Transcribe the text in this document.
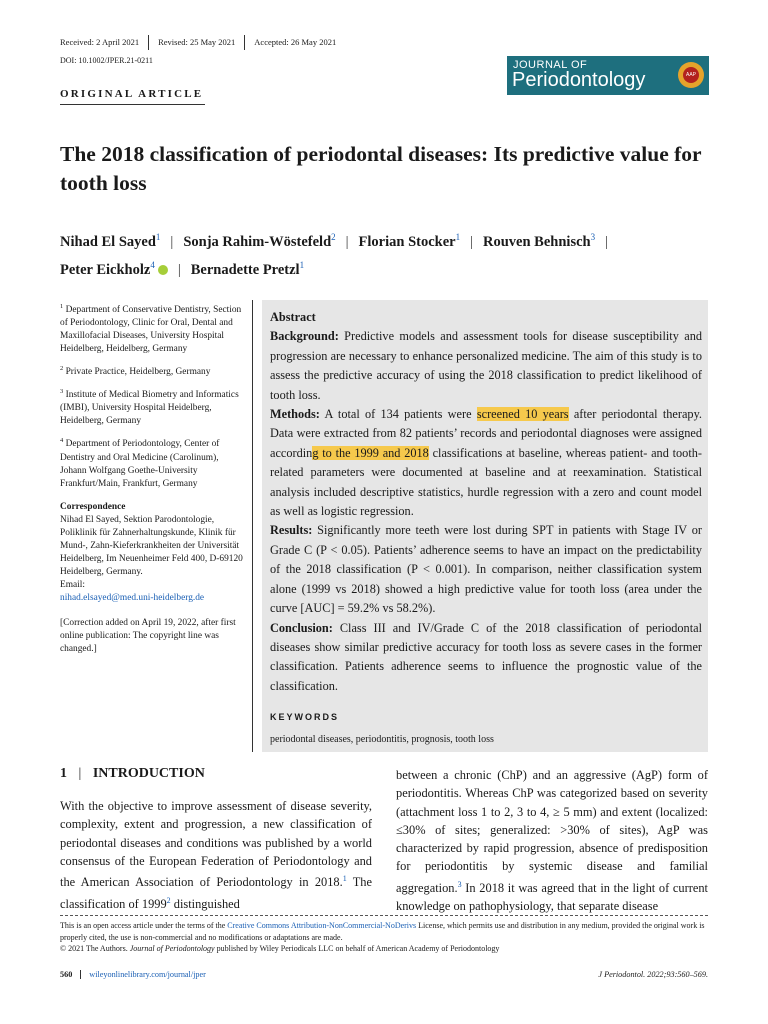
Received: 2 April 2021	Revised: 25 May 2021	Accepted: 26 May 2021
DOI: 10.1002/JPER.21-0211
ORIGINAL ARTICLE
JOURNAL OF
Periodontology	AAP
The 2018 classification of periodontal diseases: Its predictive value for tooth loss
Nihad El Sayed$^1$ | Sonja Rahim-Wöstefeld$^2$ | Florian Stocker$^1$ | Rouven Behnisch$^3$ |
Peter Eickholz$^4$ | Bernadette Pretzl$^1$

$^1$ Department of Conservative Dentistry, Section of Periodontology, Clinic for Oral, Dental and Maxillofacial Diseases, University Hospital Heidelberg, Heidelberg, Germany

$^2$ Private Practice, Heidelberg, Germany

$^3$ Institute of Medical Biometry and Informatics (IMBI), University Hospital Heidelberg, Heidelberg, Germany

$^4$ Department of Periodontology, Center of Dentistry and Oral Medicine (Carolinum), Johann Wolfgang Goethe-University Frankfurt/Main, Frankfurt, Germany

Correspondence
Nihad El Sayed, Sektion Parodontologie, Poliklinik für Zahnerhaltungskunde, Klinik für Mund-, Zahn-Kieferkrankheiten der Universität Heidelberg, Im Neuenheimer Feld 400, D-69120 Heidelberg, Germany.
Email:
nihad.elsayed@med.uni-heidelberg.de
[Correction added on April 19, 2022, after first online publication: The copyright line was changed.]

Abstract

Background: Predictive models and assessment tools for disease susceptibility and progression are necessary to enhance personalized medicine. The aim of this study is to assess the predictive accuracy of using the 2018 classification to predict likelihood of tooth loss.

Methods: A total of 134 patients were screened 10 years after periodontal therapy. Data were extracted from 82 patients’ records and periodontal diagnoses were assigned according to the 1999 and 2018 classifications at baseline, whereas patient- and tooth-related parameters were documented at baseline and at reexamination. Statistical analysis included descriptive statistics, hurdle regression with a zero and count model as well as logistic regression.

Results: Significantly more teeth were lost during SPT in patients with Stage IV or Grade C (P < 0.05). Patients’ adherence seems to have an impact on the predictability of the 2018 classification (P < 0.001). In comparison, neither classification system alone (1999 vs 2018) showed a high predictive value for tooth loss (area under the curve [AUC] = 59.2% vs 58.2%).

Conclusion: Class III and IV/Grade C of the 2018 classification of periodontal diseases show similar predictive accuracy for tooth loss as severe cases in the former classification. Patients adherence seems to influence the prognostic value of the classification.

KEYWORDS
periodontal diseases, periodontitis, prognosis, tooth loss
1 | INTRODUCTION
With the objective to improve assessment of disease severity, complexity, extent and progression, a new classification of periodontal diseases and conditions was published by a world consensus of the European Federation of Periodontology and the American Association of Periodontology in 2018.$^1$ The classification of 1999$^2$ distinguished
between a chronic (ChP) and an aggressive (AgP) form of periodontitis. Whereas ChP was categorized based on severity (attachment loss 1 to 2, 3 to 4, ≥ 5 mm) and extent (localized: ≤30% of sites; generalized: >30% of sites), AgP was characterized by rapid progression, absence of predisposition for periodontitis by systemic disease and familial aggregation.$^3$ In 2018 it was agreed that in the light of current knowledge on pathophysiology, that separate disease
This is an open access article under the terms of the Creative Commons Attribution-NonCommercial-NoDerivs License, which permits use and distribution in any medium, provided the original work is properly cited, the use is non-commercial and no modifications or adaptations are made.
© 2021 The Authors. Journal of Periodontology published by Wiley Periodicals LLC on behalf of American Academy of Periodontology
560	wileyonlinelibrary.com/journal/jper	J Periodontol. 2022;93:560–569.
